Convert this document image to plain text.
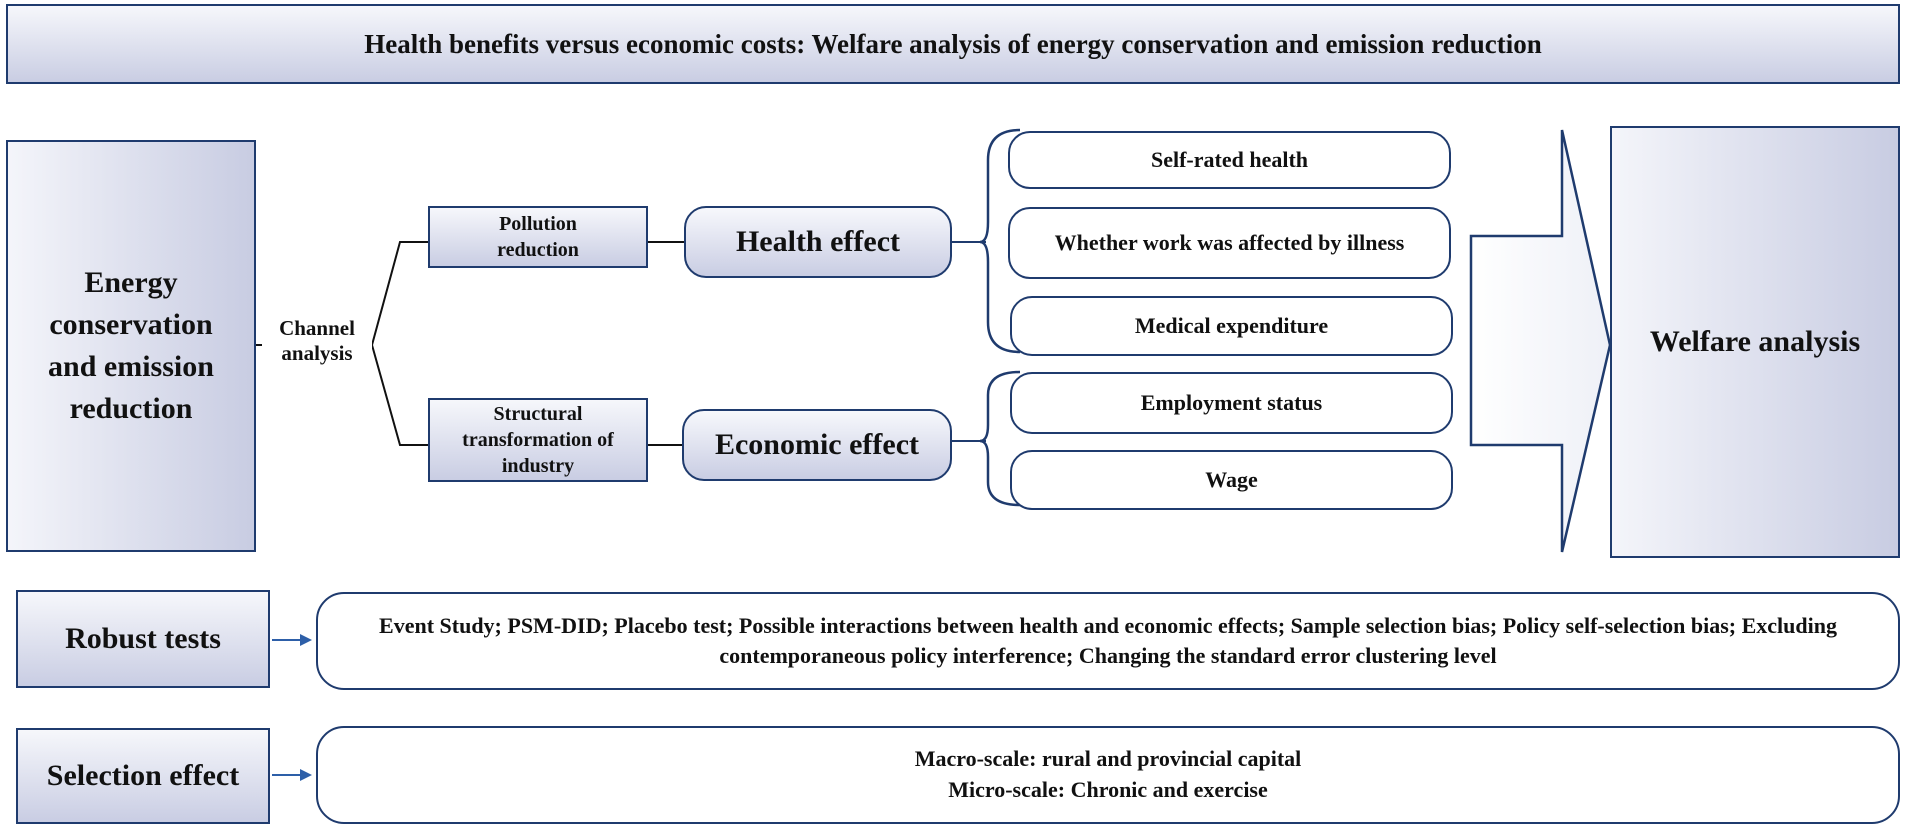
Health benefits versus economic costs: Welfare analysis of energy conservation and emission reduction
Energy conservation and emission reduction
Channel analysis
Pollution reduction
Structural transformation of industry
Health effect
Economic effect
Self-rated health
Whether work was affected by illness
Medical expenditure
Employment status
Wage
Welfare analysis
Robust tests	Event Study; PSM-DID; Placebo test; Possible interactions between health and economic effects; Sample selection bias; Policy self-selection bias; Excluding contemporaneous policy interference; Changing the standard error clustering level
Selection effect
Macro-scale: rural and provincial capital
Micro-scale: Chronic and exercise
